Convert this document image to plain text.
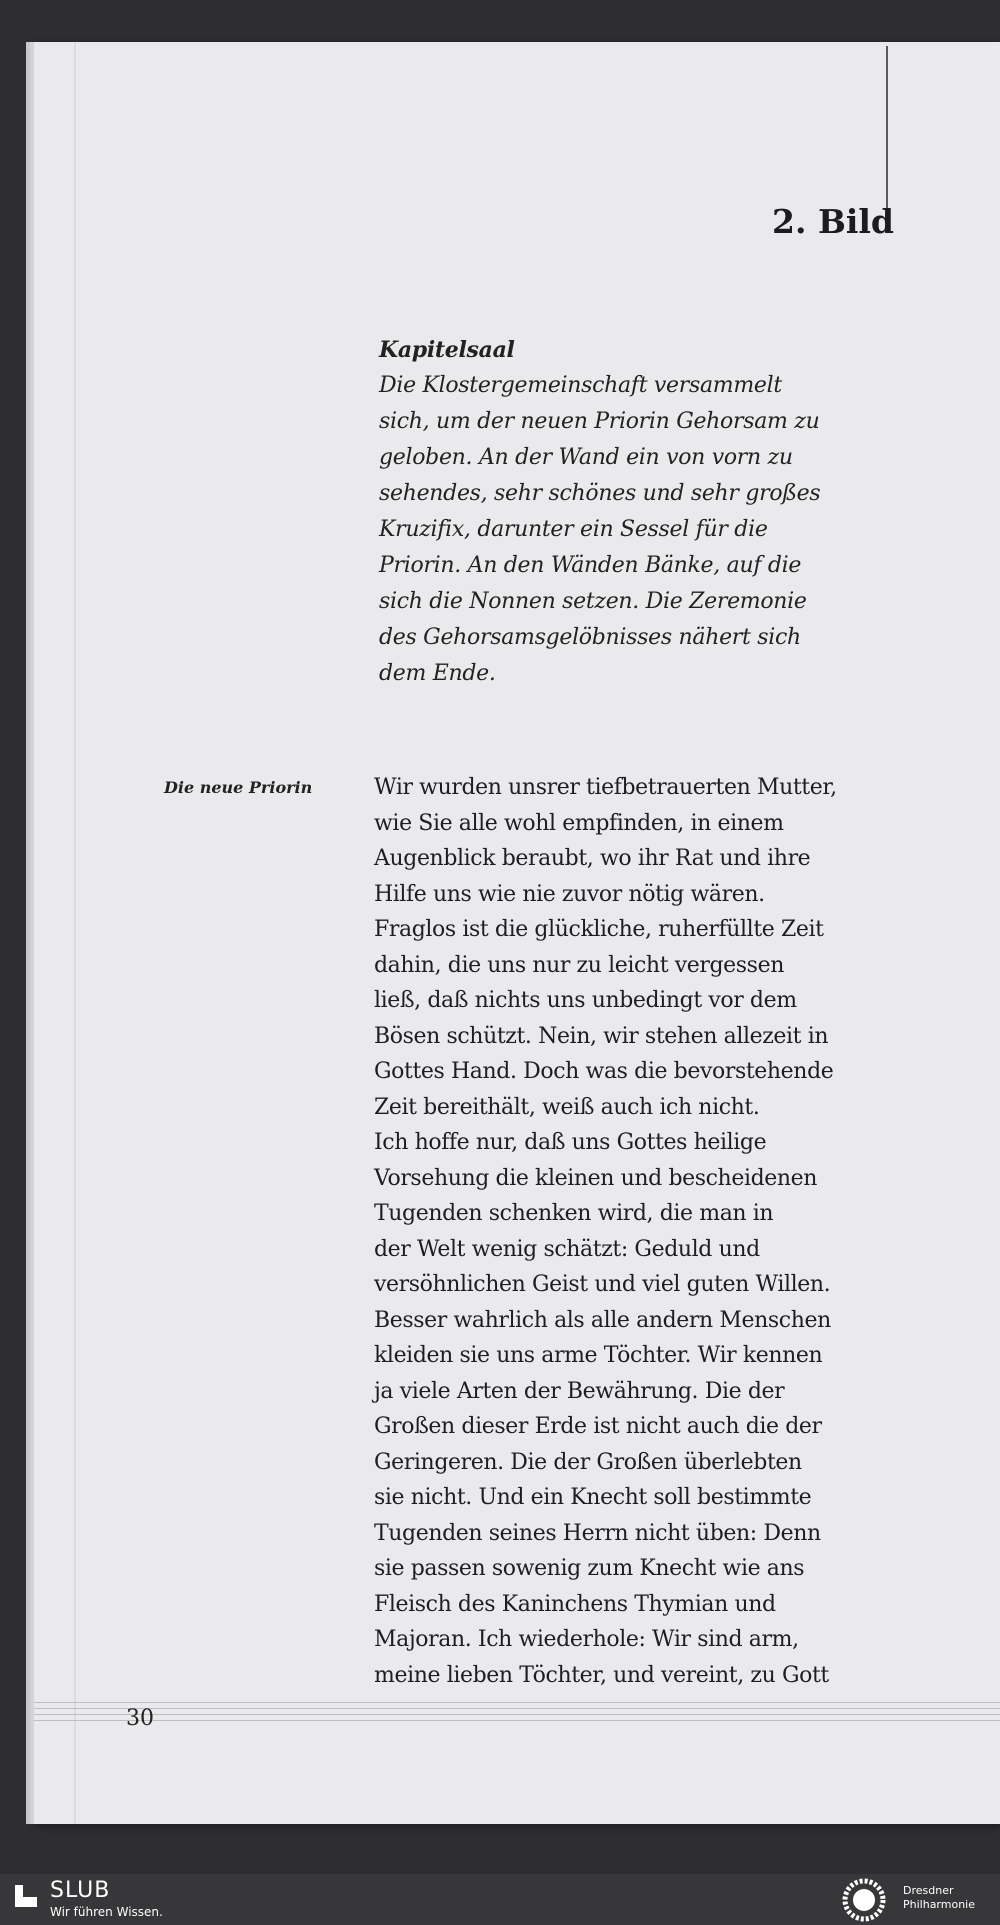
2. Bild
Kapitelsaal
Die Klostergemeinschaft versammelt
sich, um der neuen Priorin Gehorsam zu
geloben. An der Wand ein von vorn zu
sehendes, sehr schönes und sehr großes
Kruzifix, darunter ein Sessel für die
Priorin. An den Wänden Bänke, auf die
sich die Nonnen setzen. Die Zeremonie
des Gehorsamsgelöbnisses nähert sich
dem Ende.

Die neue Priorin	Wir wurden unsrer tiefbetrauerten Mutter,
wie Sie alle wohl empfinden, in einem
Augenblick beraubt, wo ihr Rat und ihre
Hilfe uns wie nie zuvor nötig wären.
Fraglos ist die glückliche, ruherfüllte Zeit
dahin, die uns nur zu leicht vergessen
ließ, daß nichts uns unbedingt vor dem
Bösen schützt. Nein, wir stehen allezeit in
Gottes Hand. Doch was die bevorstehende
Zeit bereithält, weiß auch ich nicht.
Ich hoffe nur, daß uns Gottes heilige
Vorsehung die kleinen und bescheidenen
Tugenden schenken wird, die man in
der Welt wenig schätzt: Geduld und
versöhnlichen Geist und viel guten Willen.
Besser wahrlich als alle andern Menschen
kleiden sie uns arme Töchter. Wir kennen
ja viele Arten der Bewährung. Die der
Großen dieser Erde ist nicht auch die der
Geringeren. Die der Großen überlebten
sie nicht. Und ein Knecht soll bestimmte
Tugenden seines Herrn nicht üben: Denn
sie passen sowenig zum Knecht wie ans
Fleisch des Kaninchens Thymian und
Majoran. Ich wiederhole: Wir sind arm,
meine lieben Töchter, und vereint, zu Gott

30

SLUB

Wir führen Wissen.

Dresdner
Philharmonie
